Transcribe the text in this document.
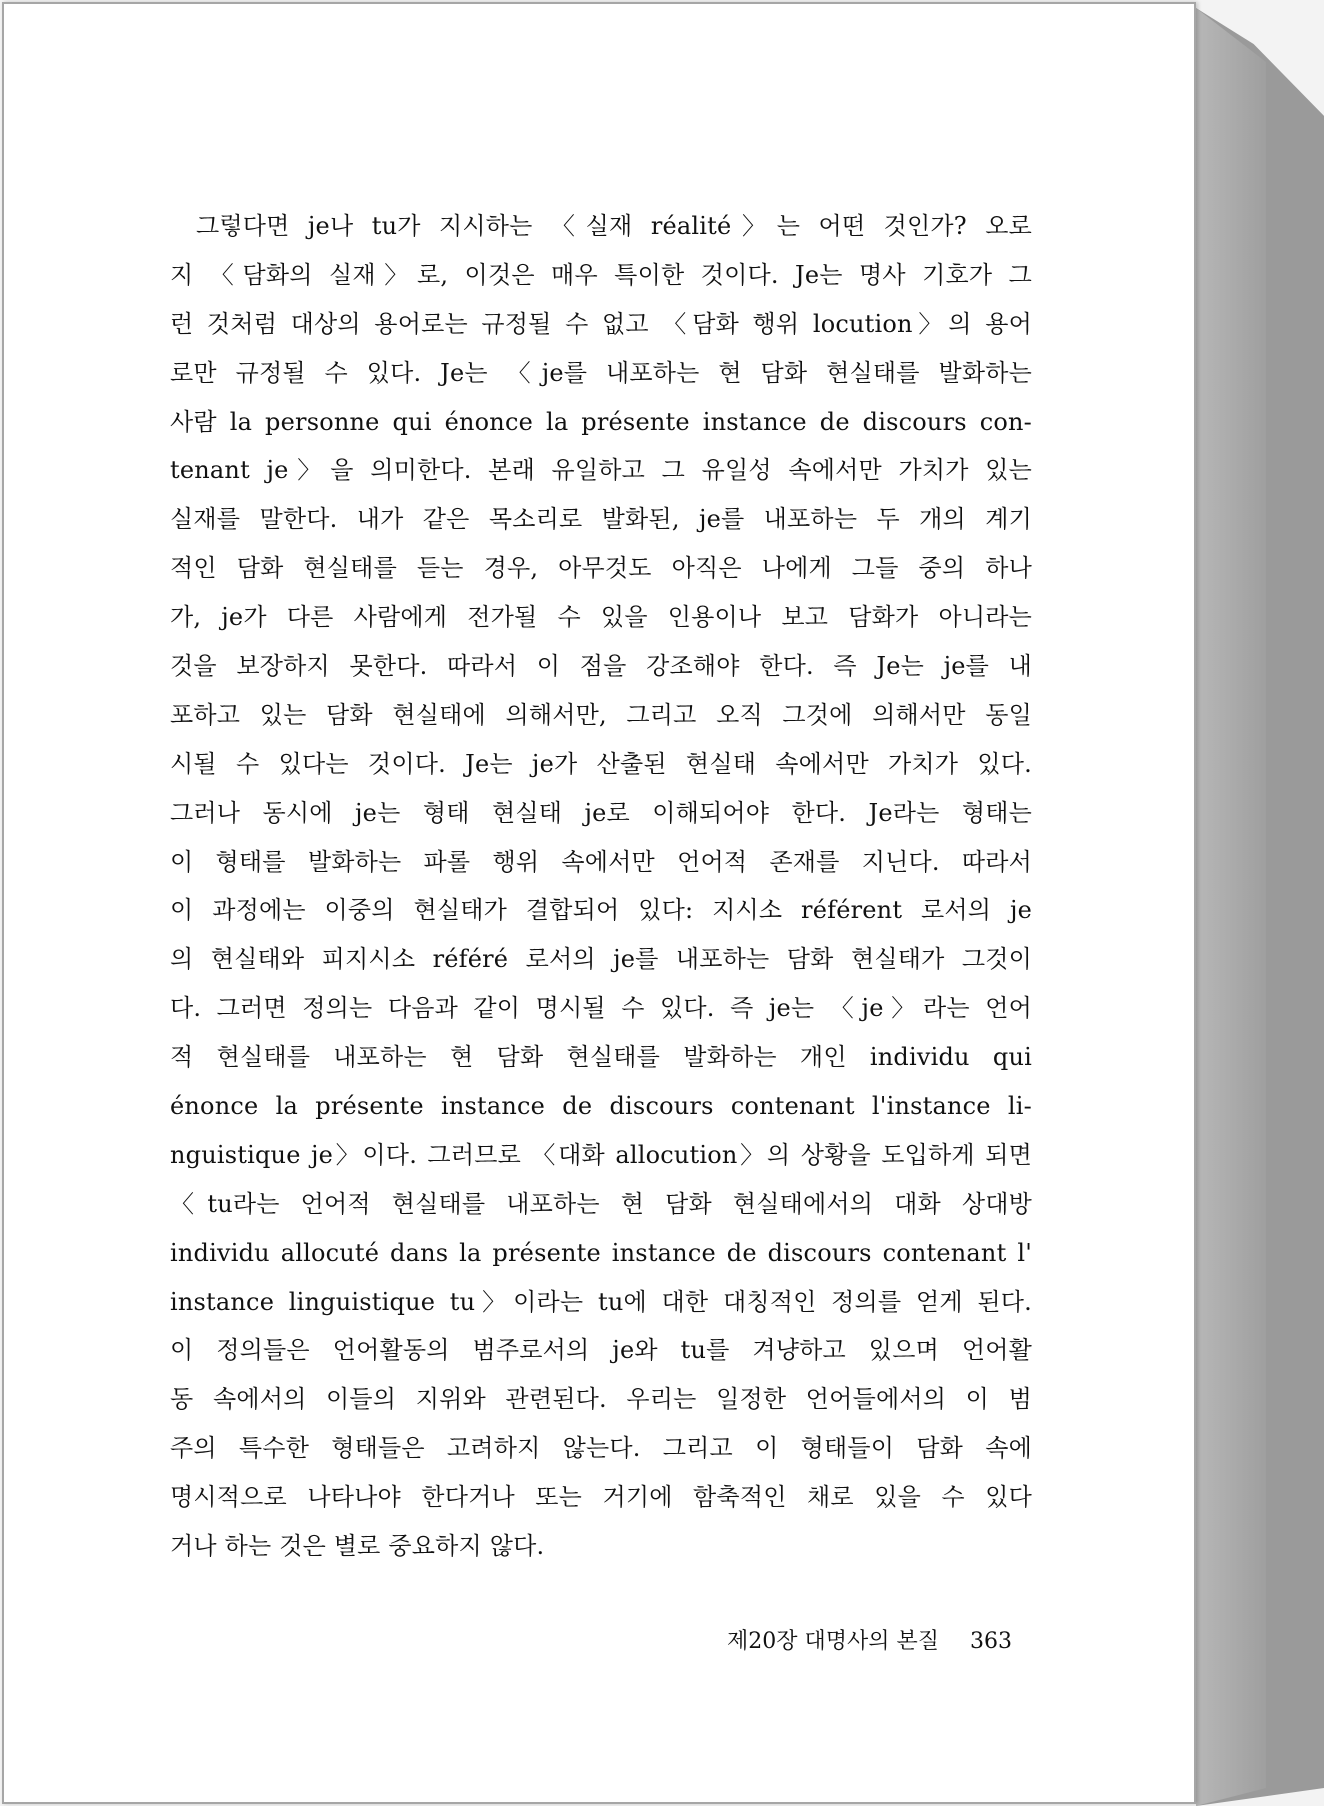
그렇다면 je나 tu가 지시하는 〈실재 réalité〉는 어떤 것인가? 오로
지 〈담화의 실재〉로, 이것은 매우 특이한 것이다. Je는 명사 기호가 그
런 것처럼 대상의 용어로는 규정될 수 없고 〈담화 행위 locution〉의 용어
로만 규정될 수 있다. Je는 〈je를 내포하는 현 담화 현실태를 발화하는
사람 la personne qui énonce la présente instance de discours con-
tenant je〉을 의미한다. 본래 유일하고 그 유일성 속에서만 가치가 있는
실재를 말한다. 내가 같은 목소리로 발화된, je를 내포하는 두 개의 계기
적인 담화 현실태를 듣는 경우, 아무것도 아직은 나에게 그들 중의 하나
가, je가 다른 사람에게 전가될 수 있을 인용이나 보고 담화가 아니라는
것을 보장하지 못한다. 따라서 이 점을 강조해야 한다. 즉 Je는 je를 내
포하고 있는 담화 현실태에 의해서만, 그리고 오직 그것에 의해서만 동일
시될 수 있다는 것이다. Je는 je가 산출된 현실태 속에서만 가치가 있다.
그러나 동시에 je는 형태 현실태 je로 이해되어야 한다. Je라는 형태는
이 형태를 발화하는 파롤 행위 속에서만 언어적 존재를 지닌다. 따라서
이 과정에는 이중의 현실태가 결합되어 있다: 지시소 référent 로서의 je
의 현실태와 피지시소 référé 로서의 je를 내포하는 담화 현실태가 그것이
다. 그러면 정의는 다음과 같이 명시될 수 있다. 즉 je는 〈je〉라는 언어
적 현실태를 내포하는 현 담화 현실태를 발화하는 개인 individu qui
énonce la présente instance de discours contenant l'instance li-
nguistique je〉이다. 그러므로 〈대화 allocution〉의 상황을 도입하게 되면
〈tu라는 언어적 현실태를 내포하는 현 담화 현실태에서의 대화 상대방
individu allocuté dans la présente instance de discours contenant l'
instance linguistique tu〉이라는 tu에 대한 대칭적인 정의를 얻게 된다.
이 정의들은 언어활동의 범주로서의 je와 tu를 겨냥하고 있으며 언어활
동 속에서의 이들의 지위와 관련된다. 우리는 일정한 언어들에서의 이 범
주의 특수한 형태들은 고려하지 않는다. 그리고 이 형태들이 담화 속에
명시적으로 나타나야 한다거나 또는 거기에 함축적인 채로 있을 수 있다
거나 하는 것은 별로 중요하지 않다.
제20장 대명사의 본질 363
